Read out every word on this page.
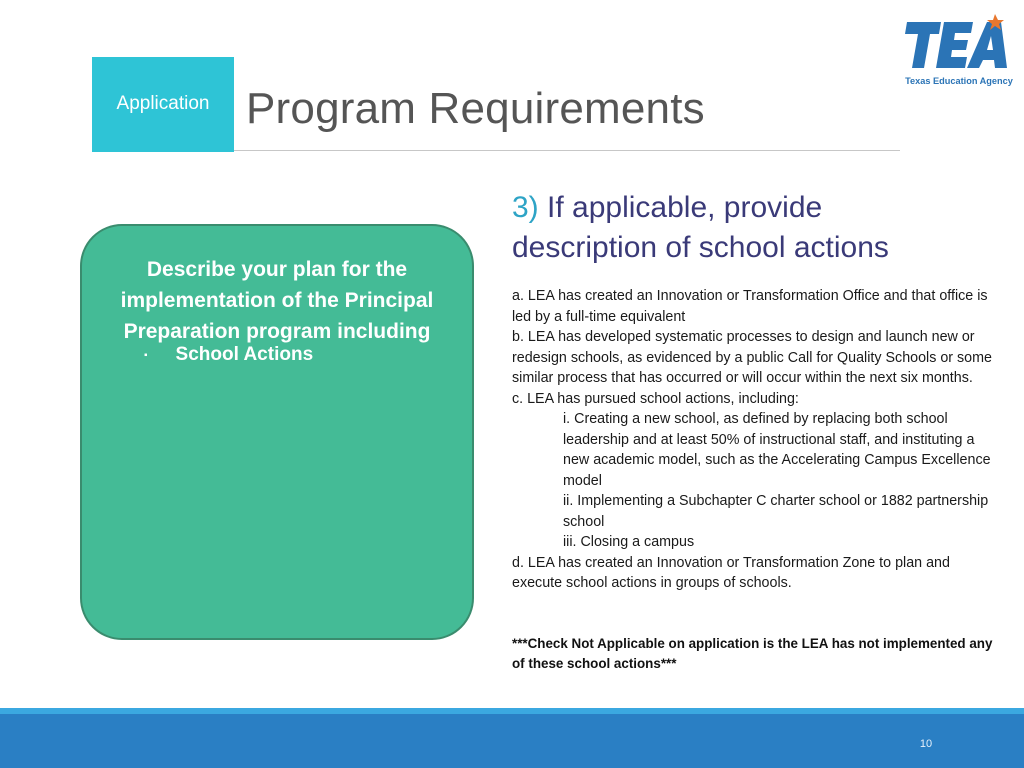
Application Program Requirements
Texas Education Agency
Describe your plan for the implementation of the Principal Preparation program including
▪ School Actions
3) If applicable, provide description of school actions

a. LEA has created an Innovation or Transformation Office and that office is led by a full-time equivalent

b. LEA has developed systematic processes to design and launch new or redesign schools, as evidenced by a public Call for Quality Schools or some similar process that has occurred or will occur within the next six months.

c. LEA has pursued school actions, including:

i. Creating a new school, as defined by replacing both school leadership and at least 50% of instructional staff, and instituting a new academic model, such as the Accelerating Campus Excellence model

ii. Implementing a Subchapter C charter school or 1882 partnership school

iii. Closing a campus

d. LEA has created an Innovation or Transformation Zone to plan and execute school actions in groups of schools.

***Check Not Applicable on application is the LEA has not implemented any of these school actions***
10
